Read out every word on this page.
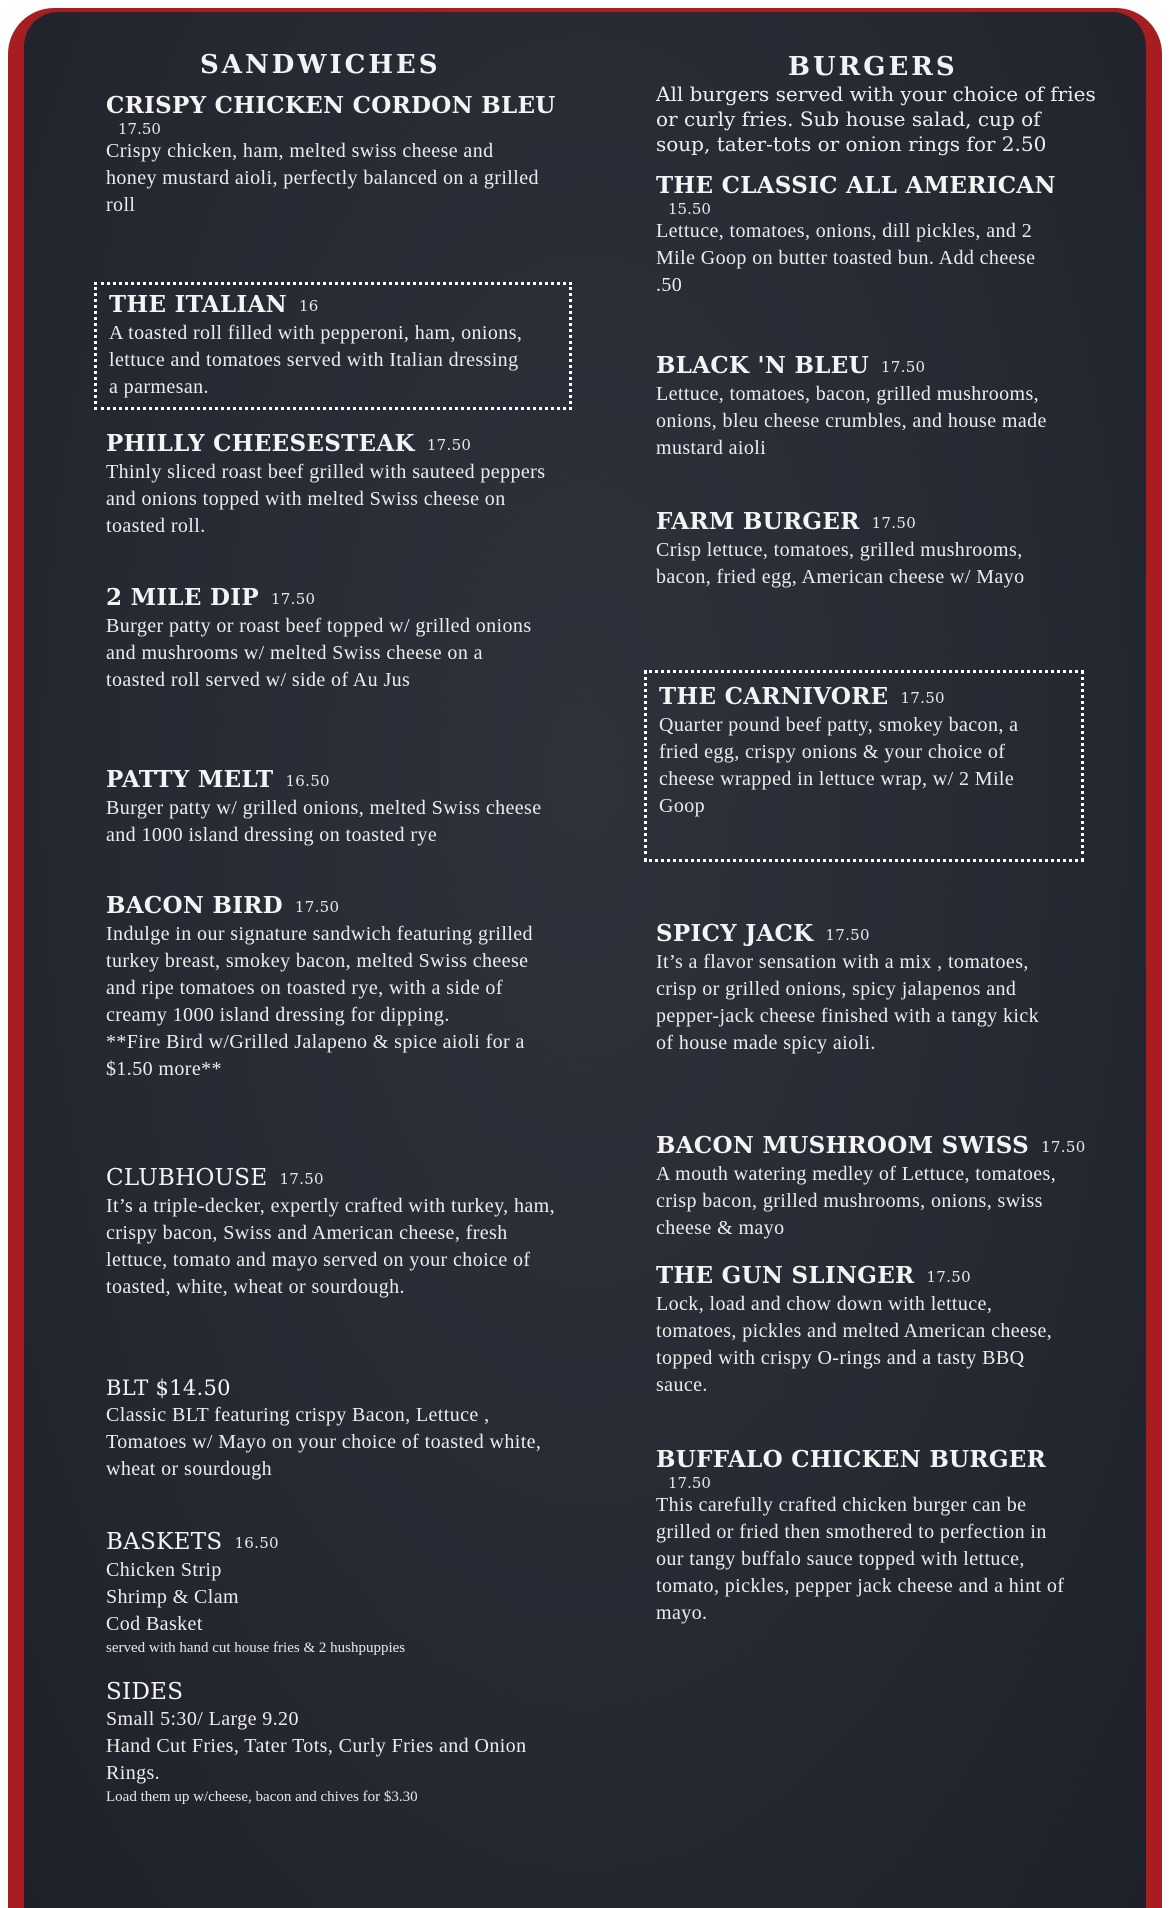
SANDWICHES
CRISPY CHICKEN CORDON BLEU
17.50
Crispy chicken, ham, melted swiss cheese and honey mustard aioli, perfectly balanced on a grilled roll
THE ITALIAN 16
A toasted roll filled with pepperoni, ham, onions, lettuce and tomatoes served with Italian dressing a parmesan.
PHILLY CHEESESTEAK 17.50
Thinly sliced roast beef grilled with sauteed peppers and onions topped with melted Swiss cheese on toasted roll.
2 MILE DIP 17.50
Burger patty or roast beef topped w/ grilled onions and mushrooms w/ melted Swiss cheese on a toasted roll served w/ side of Au Jus
PATTY MELT 16.50
Burger patty w/ grilled onions, melted Swiss cheese and 1000 island dressing on toasted rye
BACON BIRD 17.50
Indulge in our signature sandwich featuring grilled turkey breast, smokey bacon, melted Swiss cheese and ripe tomatoes on toasted rye, with a side of creamy 1000 island dressing for dipping.
**Fire Bird w/Grilled Jalapeno & spice aioli for a $1.50 more**
CLUBHOUSE 17.50
It’s a triple-decker, expertly crafted with turkey, ham, crispy bacon, Swiss and American cheese, fresh lettuce, tomato and mayo served on your choice of toasted, white, wheat or sourdough.
BLT $14.50
Classic BLT featuring crispy Bacon, Lettuce , Tomatoes w/ Mayo on your choice of toasted white, wheat or sourdough
BASKETS 16.50
Chicken Strip
Shrimp & Clam
Cod Basket
served with hand cut house fries & 2 hushpuppies
SIDES
Small 5:30/ Large 9.20
Hand Cut Fries, Tater Tots, Curly Fries and Onion Rings.
Load them up w/cheese, bacon and chives for $3.30
BURGERS

All burgers served with your choice of fries or curly fries. Sub house salad, cup of soup, tater-tots or onion rings for 2.50

THE CLASSIC ALL AMERICAN
15.50
Lettuce, tomatoes, onions, dill pickles, and 2 Mile Goop on butter toasted bun. Add cheese .50
BLACK 'N BLEU 17.50
Lettuce, tomatoes, bacon, grilled mushrooms, onions, bleu cheese crumbles, and house made mustard aioli
FARM BURGER 17.50
Crisp lettuce, tomatoes, grilled mushrooms, bacon, fried egg, American cheese w/ Mayo
THE CARNIVORE 17.50
Quarter pound beef patty, smokey bacon, a fried egg, crispy onions & your choice of cheese wrapped in lettuce wrap, w/ 2 Mile Goop
SPICY JACK 17.50
It’s a flavor sensation with a mix , tomatoes, crisp or grilled onions, spicy jalapenos and pepper-jack cheese finished with a tangy kick of house made spicy aioli.
BACON MUSHROOM SWISS 17.50
A mouth watering medley of Lettuce, tomatoes, crisp bacon, grilled mushrooms, onions, swiss cheese & mayo
THE GUN SLINGER 17.50
Lock, load and chow down with lettuce, tomatoes, pickles and melted American cheese, topped with crispy O-rings and a tasty BBQ sauce.
BUFFALO CHICKEN BURGER
17.50
This carefully crafted chicken burger can be grilled or fried then smothered to perfection in our tangy buffalo sauce topped with lettuce, tomato, pickles, pepper jack cheese and a hint of mayo.
